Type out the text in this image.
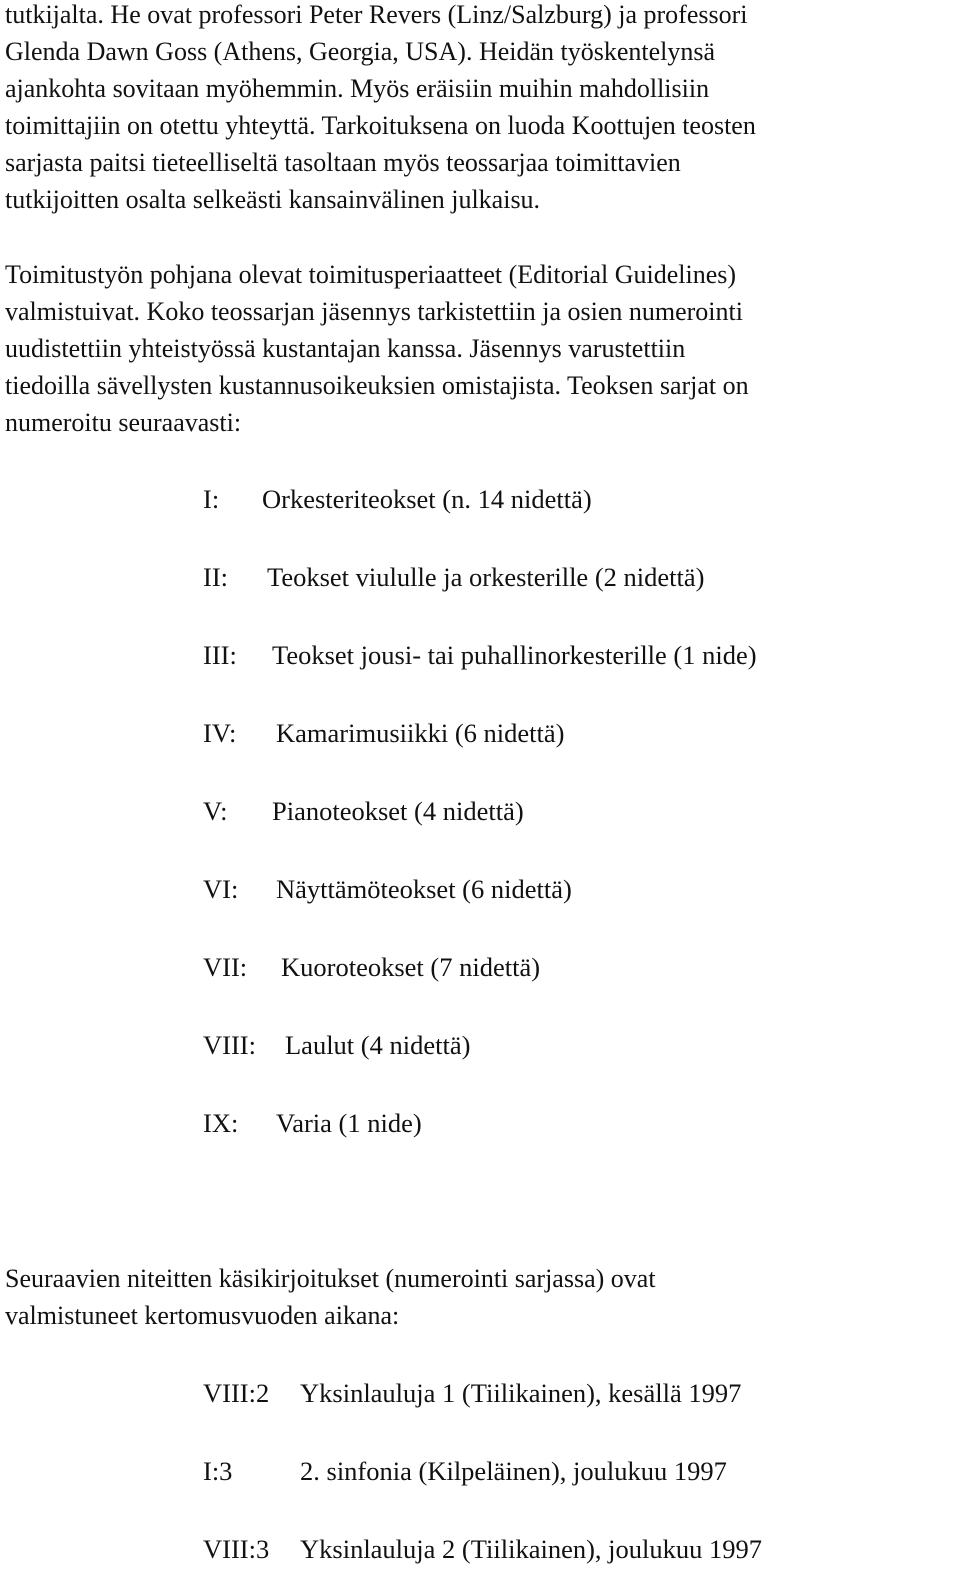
tutkijalta. He ovat professori Peter Revers (Linz/Salzburg) ja professori
Glenda Dawn Goss (Athens, Georgia, USA). Heidän työskentelynsä
ajankohta sovitaan myöhemmin. Myös eräisiin muihin mahdollisiin
toimittajiin on otettu yhteyttä. Tarkoituksena on luoda Koottujen teosten
sarjasta paitsi tieteelliseltä tasoltaan myös teossarjaa toimittavien
tutkijoitten osalta selkeästi kansainvälinen julkaisu.

Toimitustyön pohjana olevat toimitusperiaatteet (Editorial Guidelines)
valmistuivat. Koko teossarjan jäsennys tarkistettiin ja osien numerointi
uudistettiin yhteistyössä kustantajan kanssa. Jäsennys varustettiin
tiedoilla sävellysten kustannusoikeuksien omistajista. Teoksen sarjat on
numeroitu seuraavasti:

I: Orkesteriteokset (n. 14 nidettä)
II: Teokset viululle ja orkesterille (2 nidettä)
III: Teokset jousi- tai puhallinorkesterille (1 nide)
IV: Kamarimusiikki (6 nidettä)
V: Pianoteokset (4 nidettä)
VI: Näyttämöteokset (6 nidettä)
VII: Kuoroteokset (7 nidettä)
VIII: Laulut (4 nidettä)
IX: Varia (1 nide)

Seuraavien niteitten käsikirjoitukset (numerointi sarjassa) ovat
valmistuneet kertomusvuoden aikana:

VIII:2 Yksinlauluja 1 (Tiilikainen), kesällä 1997
I:3	2. sinfonia (Kilpeläinen), joulukuu 1997
VIII:3 Yksinlauluja 2 (Tiilikainen), joulukuu 1997
